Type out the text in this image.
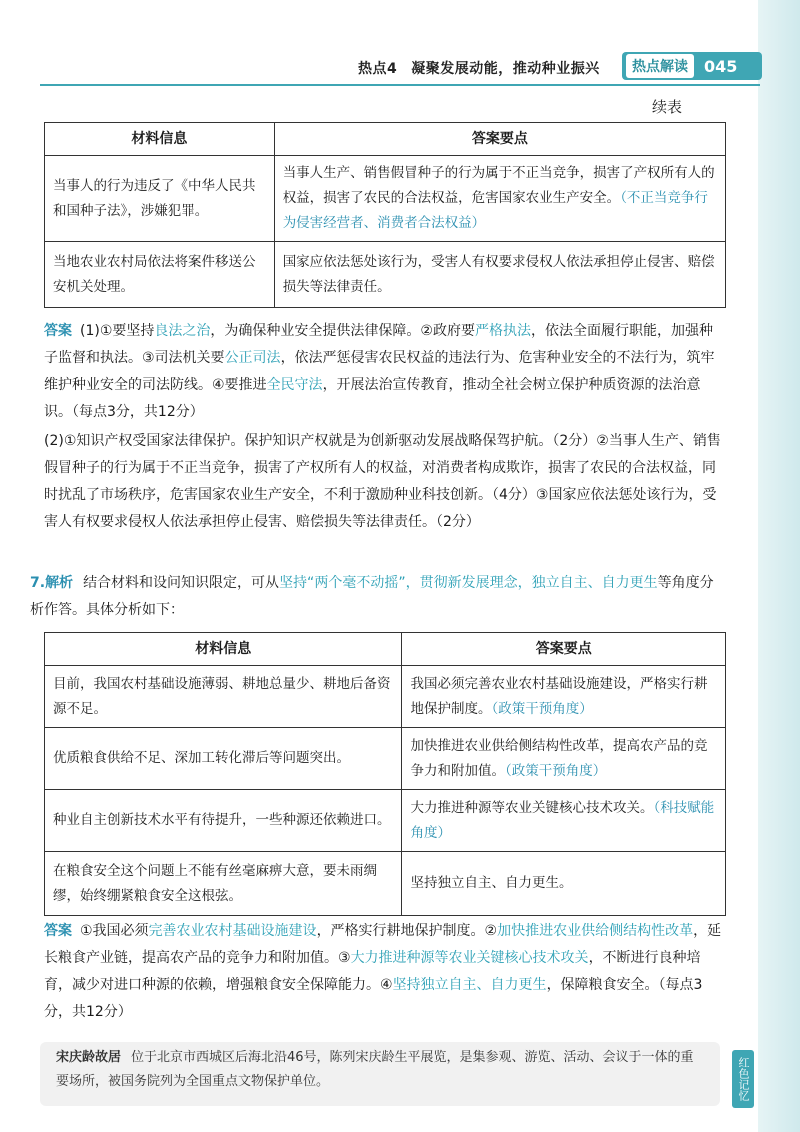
热点4 凝聚发展动能，推动种业振兴	热点解读	045
续表
材料信息	答案要点
当事人的行为违反了《中华人民共和国种子法》，涉嫌犯罪。	当事人生产、销售假冒种子的行为属于不正当竞争，损害了产权所有人的权益，损害了农民的合法权益，危害国家农业生产安全。（不正当竞争行为侵害经营者、消费者合法权益）
当地农业农村局依法将案件移送公安机关处理。	国家应依法惩处该行为，受害人有权要求侵权人依法承担停止侵害、赔偿损失等法律责任。
答案 (1)①要坚持良法之治，为确保种业安全提供法律保障。②政府要严格执法，依法全面履行职能，加强种子监督和执法。③司法机关要公正司法，依法严惩侵害农民权益的违法行为、危害种业安全的不法行为，筑牢维护种业安全的司法防线。④要推进全民守法，开展法治宣传教育，推动全社会树立保护种质资源的法治意识。（每点3分，共12分）
(2)①知识产权受国家法律保护。保护知识产权就是为创新驱动发展战略保驾护航。（2分）②当事人生产、销售假冒种子的行为属于不正当竞争，损害了产权所有人的权益，对消费者构成欺诈，损害了农民的合法权益，同时扰乱了市场秩序，危害国家农业生产安全，不利于激励种业科技创新。（4分）③国家应依法惩处该行为，受害人有权要求侵权人依法承担停止侵害、赔偿损失等法律责任。（2分）
7.解析 结合材料和设问知识限定，可从坚持“两个毫不动摇”，贯彻新发展理念，独立自主、自力更生等角度分析作答。具体分析如下：
材料信息	答案要点
目前，我国农村基础设施薄弱、耕地总量少、耕地后备资源不足。	我国必须完善农业农村基础设施建设，严格实行耕地保护制度。（政策干预角度）
优质粮食供给不足、深加工转化滞后等问题突出。	加快推进农业供给侧结构性改革，提高农产品的竞争力和附加值。（政策干预角度）
种业自主创新技术水平有待提升，一些种源还依赖进口。	大力推进种源等农业关键核心技术攻关。（科技赋能角度）
在粮食安全这个问题上不能有丝毫麻痹大意，要未雨绸缪，始终绷紧粮食安全这根弦。	坚持独立自主、自力更生。
答案 ①我国必须完善农业农村基础设施建设，严格实行耕地保护制度。②加快推进农业供给侧结构性改革，延长粮食产业链，提高农产品的竞争力和附加值。③大力推进种源等农业关键核心技术攻关，不断进行良种培育，减少对进口种源的依赖，增强粮食安全保障能力。④坚持独立自主、自力更生，保障粮食安全。（每点3分，共12分）
宋庆龄故居 位于北京市西城区后海北沿46号，陈列宋庆龄生平展览，是集参观、游览、活动、会议于一体的重要场所，被国务院列为全国重点文物保护单位。	红色记忆
